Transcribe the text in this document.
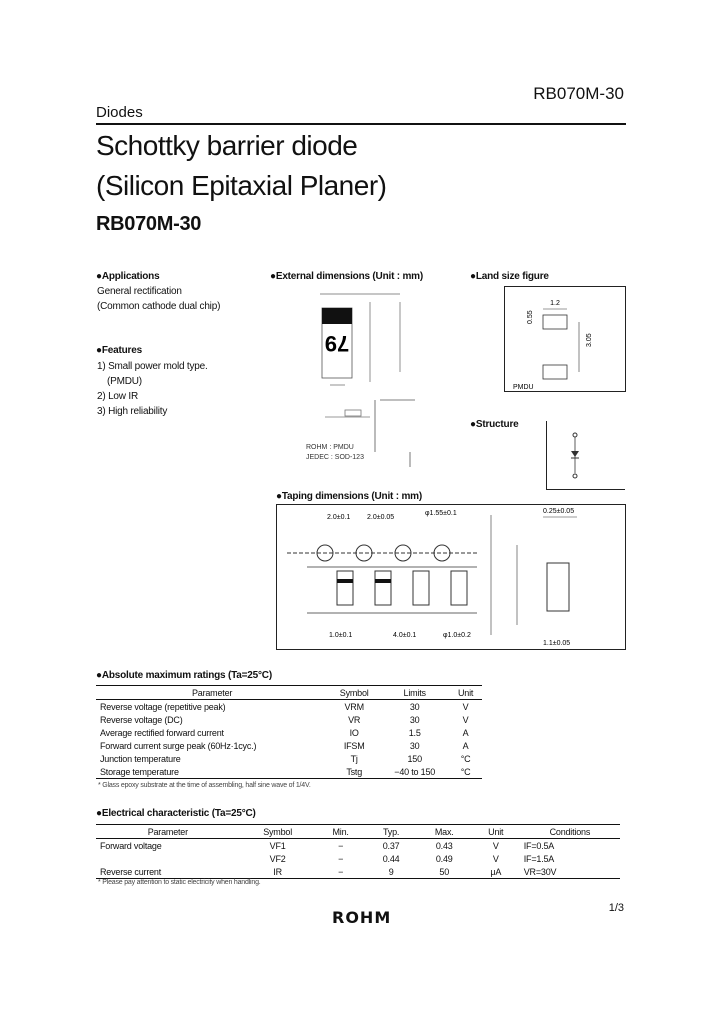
RB070M-30
Diodes
Schottky barrier diode
(Silicon Epitaxial Planer)
RB070M-30
●Applications
General rectification
(Common cathode dual chip)
●Features
1) Small power mold type.
(PMDU)
2) Low IR
3) High reliability
●External dimensions (Unit : mm)
79
ROHM : PMDU
JEDEC : SOD-123
●Land size figure
1.2
0.55
3.05
PMDU
●Structure
●Taping dimensions (Unit : mm)
2.0±0.1 2.0±0.05
φ1.55±0.1	0.25±0.05
1.0±0.1	4.0±0.1	φ1.0±0.2
1.1±0.05
●Absolute maximum ratings (Ta=25°C)
Parameter	Symbol	Limits	Unit
Reverse voltage (repetitive peak)	VRM	30	V
Reverse voltage (DC)	VR	30	V
Average rectified forward current	IO	1.5	A
Forward current surge peak (60Hz·1cyc.)	IFSM	30	A
Junction temperature	Tj	150	°C
Storage temperature	Tstg	−40 to 150	°C
* Glass epoxy substrate at the time of assembling, half sine wave of 1/4V.
●Electrical characteristic (Ta=25°C)
Parameter	Symbol	Min.	Typ.	Max.	Unit	Conditions
Forward voltage	VF1	−	0.37	0.43	V	IF=0.5A
	VF2	−	0.44	0.49	V	IF=1.5A
Reverse current	IR	−	9	50	μA	VR=30V
* Please pay attention to static electricity when handling.
1/3
ROHM
